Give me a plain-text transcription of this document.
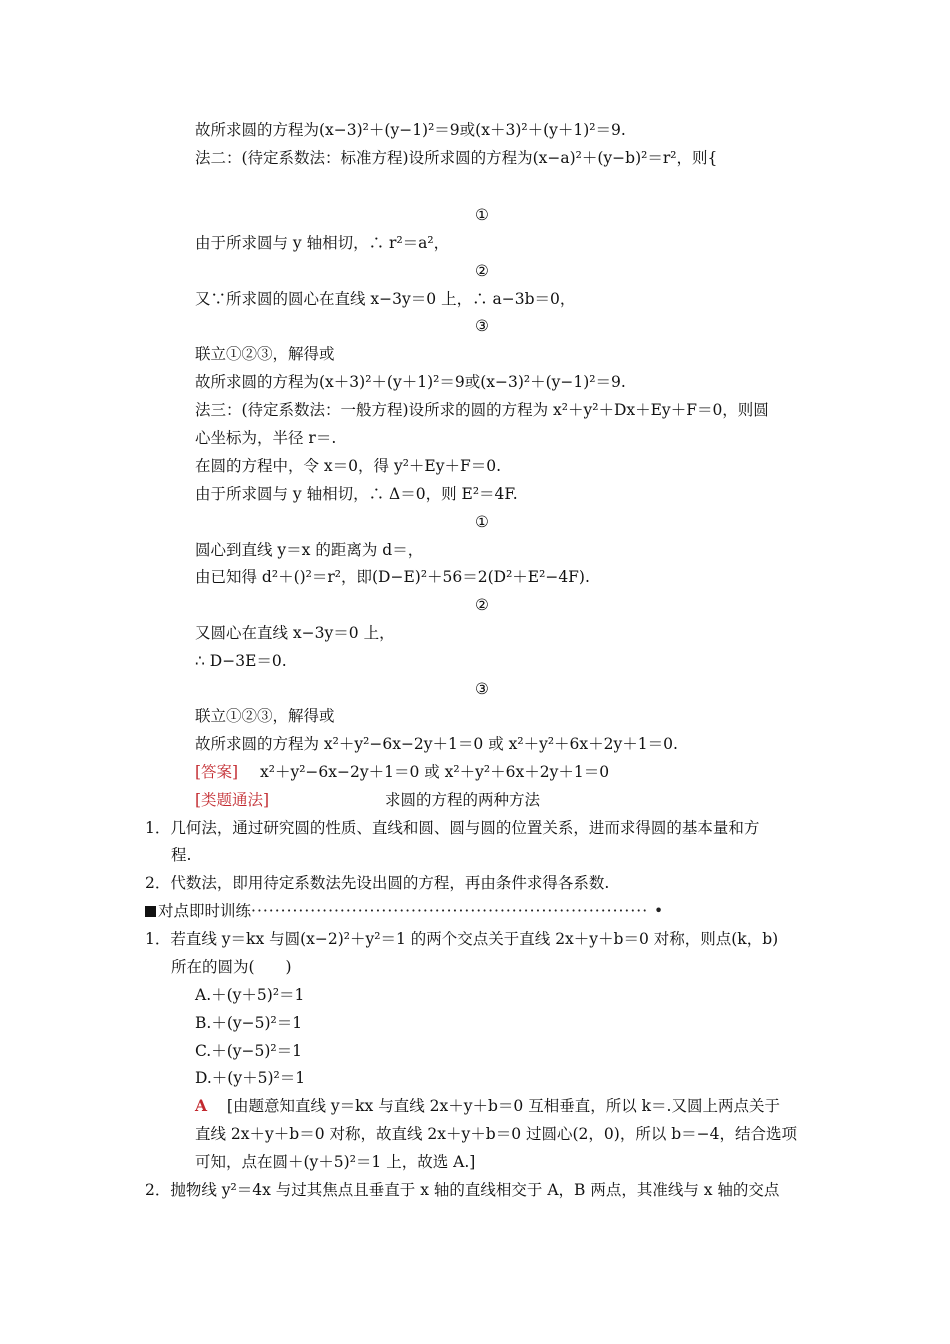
故所求圆的方程为(x−3)²＋(y−1)²＝9或(x＋3)²＋(y＋1)²＝9.
法二：(待定系数法：标准方程)设所求圆的方程为(x−a)²＋(y−b)²＝r²，则{
①
由于所求圆与 y 轴相切，∴ r²＝a²，
②
又∵所求圆的圆心在直线 x−3y＝0 上，∴ a−3b＝0，
③
联立①②③，解得或
故所求圆的方程为(x＋3)²＋(y＋1)²＝9或(x−3)²＋(y−1)²＝9.
法三：(待定系数法：一般方程)设所求的圆的方程为 x²＋y²＋Dx＋Ey＋F＝0，则圆
心坐标为，半径 r＝.
在圆的方程中，令 x＝0，得 y²＋Ey＋F＝0.
由于所求圆与 y 轴相切，∴ Δ＝0，则 E²＝4F.
①
圆心到直线 y＝x 的距离为 d＝，
由已知得 d²＋()²＝r²，即(D−E)²＋56＝2(D²＋E²−4F).
②
又圆心在直线 x−3y＝0 上，
∴ D−3E＝0.
③
联立①②③，解得或
故所求圆的方程为 x²＋y²−6x−2y＋1＝0 或 x²＋y²＋6x＋2y＋1＝0.
[答案] x²＋y²−6x−2y＋1＝0 或 x²＋y²＋6x＋2y＋1＝0
[类题通法]	求圆的方程的两种方法
1．几何法，通过研究圆的性质、直线和圆、圆与圆的位置关系，进而求得圆的基本量和方
程.
2．代数法，即用待定系数法先设出圆的方程，再由条件求得各系数.
对点即时训练··································································· •
1．若直线 y＝kx 与圆(x−2)²＋y²＝1 的两个交点关于直线 2x＋y＋b＝0 对称，则点(k，b)
所在的圆为(　　)
A.＋(y＋5)²＝1
B.＋(y−5)²＝1
C.＋(y−5)²＝1
D.＋(y＋5)²＝1
A [由题意知直线 y＝kx 与直线 2x＋y＋b＝0 互相垂直，所以 k＝.又圆上两点关于
直线 2x＋y＋b＝0 对称，故直线 2x＋y＋b＝0 过圆心(2，0)，所以 b＝−4，结合选项
可知，点在圆＋(y＋5)²＝1 上，故选 A.]
2．抛物线 y²＝4x 与过其焦点且垂直于 x 轴的直线相交于 A，B 两点，其准线与 x 轴的交点
